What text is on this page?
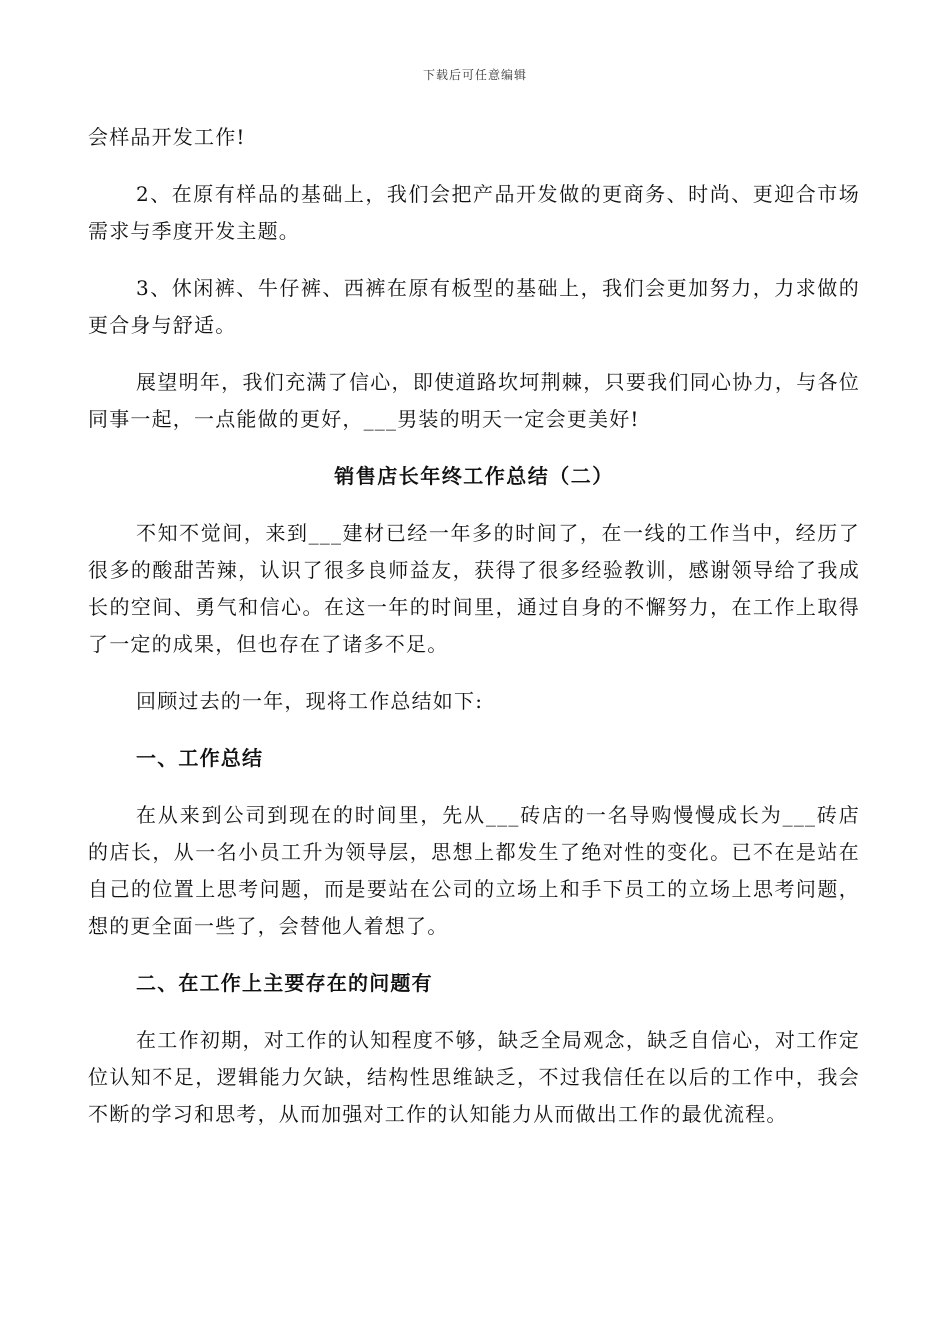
下载后可任意编辑

会样品开发工作!

2、在原有样品的基础上，我们会把产品开发做的更商务、时尚、更迎合市场需求与季度开发主题。

3、休闲裤、牛仔裤、西裤在原有板型的基础上，我们会更加努力，力求做的更合身与舒适。

展望明年，我们充满了信心，即使道路坎坷荆棘，只要我们同心协力，与各位同事一起，一点能做的更好，___男装的明天一定会更美好!

销售店长年终工作总结（二）

不知不觉间，来到___建材已经一年多的时间了，在一线的工作当中，经历了很多的酸甜苦辣，认识了很多良师益友，获得了很多经验教训，感谢领导给了我成长的空间、勇气和信心。在这一年的时间里，通过自身的不懈努力，在工作上取得了一定的成果，但也存在了诸多不足。

回顾过去的一年，现将工作总结如下:

一、工作总结

在从来到公司到现在的时间里，先从___砖店的一名导购慢慢成长为___砖店的店长，从一名小员工升为领导层，思想上都发生了绝对性的变化。已不在是站在自己的位置上思考问题，而是要站在公司的立场上和手下员工的立场上思考问题，想的更全面一些了，会替他人着想了。

二、在工作上主要存在的问题有

在工作初期，对工作的认知程度不够，缺乏全局观念，缺乏自信心，对工作定位认知不足，逻辑能力欠缺，结构性思维缺乏，不过我信任在以后的工作中，我会不断的学习和思考，从而加强对工作的认知能力从而做出工作的最优流程。
